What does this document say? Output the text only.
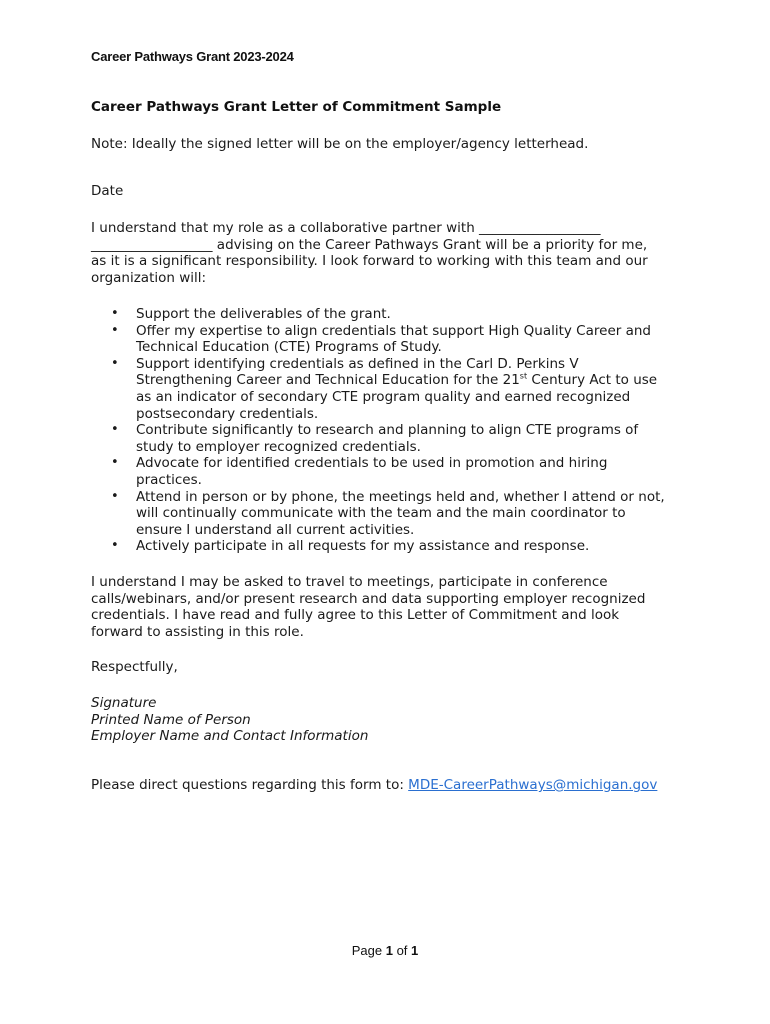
Career Pathways Grant 2023-2024
Career Pathways Grant Letter of Commitment Sample
Note: Ideally the signed letter will be on the employer/agency letterhead.
Date
I understand that my role as a collaborative partner with __________________
__________________ advising on the Career Pathways Grant will be a priority for me,
as it is a significant responsibility. I look forward to working with this team and our
organization will:
• Support the deliverables of the grant.
• Offer my expertise to align credentials that support High Quality Career and
Technical Education (CTE) Programs of Study.
• Support identifying credentials as defined in the Carl D. Perkins V
Strengthening Career and Technical Education for the 21st Century Act to use
as an indicator of secondary CTE program quality and earned recognized
postsecondary credentials.
• Contribute significantly to research and planning to align CTE programs of
study to employer recognized credentials.
• Advocate for identified credentials to be used in promotion and hiring
practices.
• Attend in person or by phone, the meetings held and, whether I attend or not,
will continually communicate with the team and the main coordinator to
ensure I understand all current activities.
• Actively participate in all requests for my assistance and response.
I understand I may be asked to travel to meetings, participate in conference
calls/webinars, and/or present research and data supporting employer recognized
credentials. I have read and fully agree to this Letter of Commitment and look
forward to assisting in this role.
Respectfully,
Signature
Printed Name of Person
Employer Name and Contact Information
Please direct questions regarding this form to: MDE-CareerPathways@michigan.gov
Page 1 of 1
